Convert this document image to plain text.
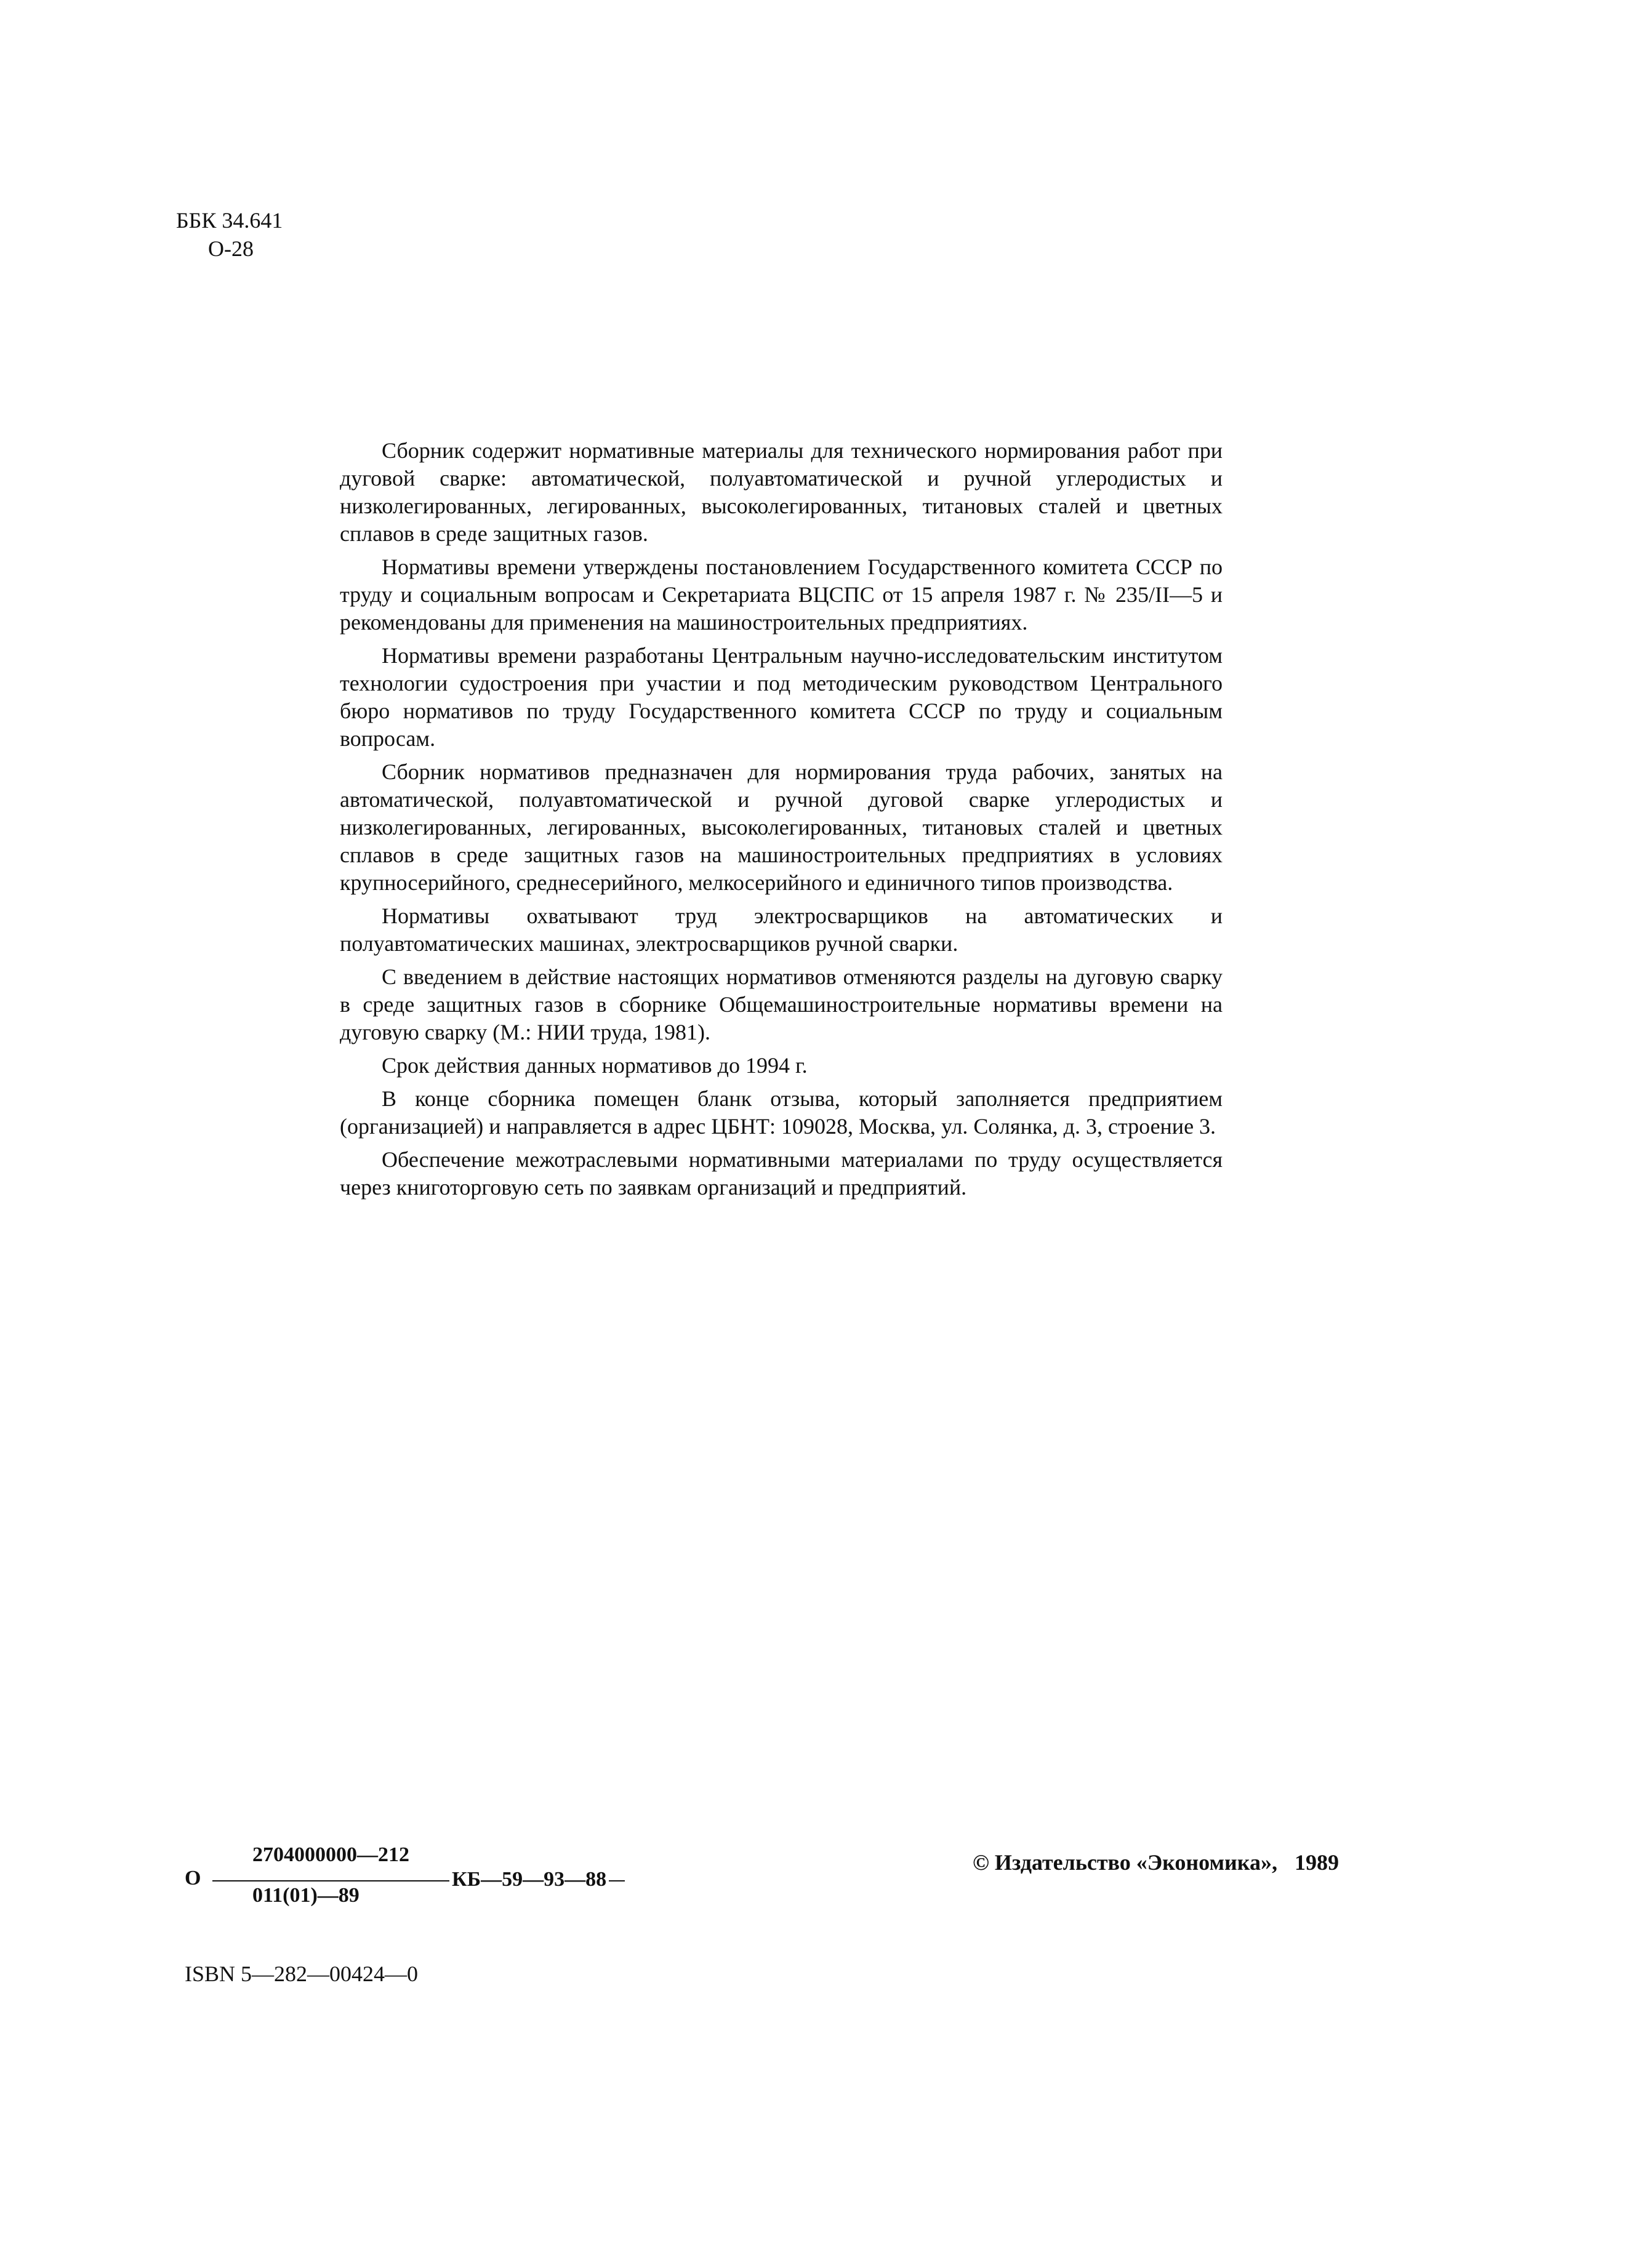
ББК 34.641
О-28

Сборник содержит нормативные материалы для технического нормирования работ при дуговой сварке: автоматической, полуавтоматической и ручной углеродистых и низколегированных, легированных, высоколегированных, титановых сталей и цветных сплавов в среде защитных газов.

Нормативы времени утверждены постановлением Государственного комитета СССР по труду и социальным вопросам и Секретариата ВЦСПС от 15 апреля 1987 г. № 235/II—5 и рекомендованы для применения на машиностроительных предприятиях.

Нормативы времени разработаны Центральным научно-исследовательским институтом технологии судостроения при участии и под методическим руководством Центрального бюро нормативов по труду Государственного комитета СССР по труду и социальным вопросам.

Сборник нормативов предназначен для нормирования труда рабочих, занятых на автоматической, полуавтоматической и ручной дуговой сварке углеродистых и низколегированных, легированных, высоколегированных, титановых сталей и цветных сплавов в среде защитных газов на машиностроительных предприятиях в условиях крупносерийного, среднесерийного, мелкосерийного и единичного типов производства.

Нормативы охватывают труд электросварщиков на автоматических и полуавтоматических машинах, электросварщиков ручной сварки.

С введением в действие настоящих нормативов отменяются разделы на дуговую сварку в среде защитных газов в сборнике Общемашиностроительные нормативы времени на дуговую сварку (М.: НИИ труда, 1981).

Срок действия данных нормативов до 1994 г.

В конце сборника помещен бланк отзыва, который заполняется предприятием (организацией) и направляется в адрес ЦБНТ: 109028, Москва, ул. Солянка, д. 3, строение 3.

Обеспечение межотраслевыми нормативными материалами по труду осуществляется через книготорговую сеть по заявкам организаций и предприятий.

О
2704000000—212
011(01)—89
КБ—59—93—88
© Издательство «Экономика», 1989
ISBN 5—282—00424—0
